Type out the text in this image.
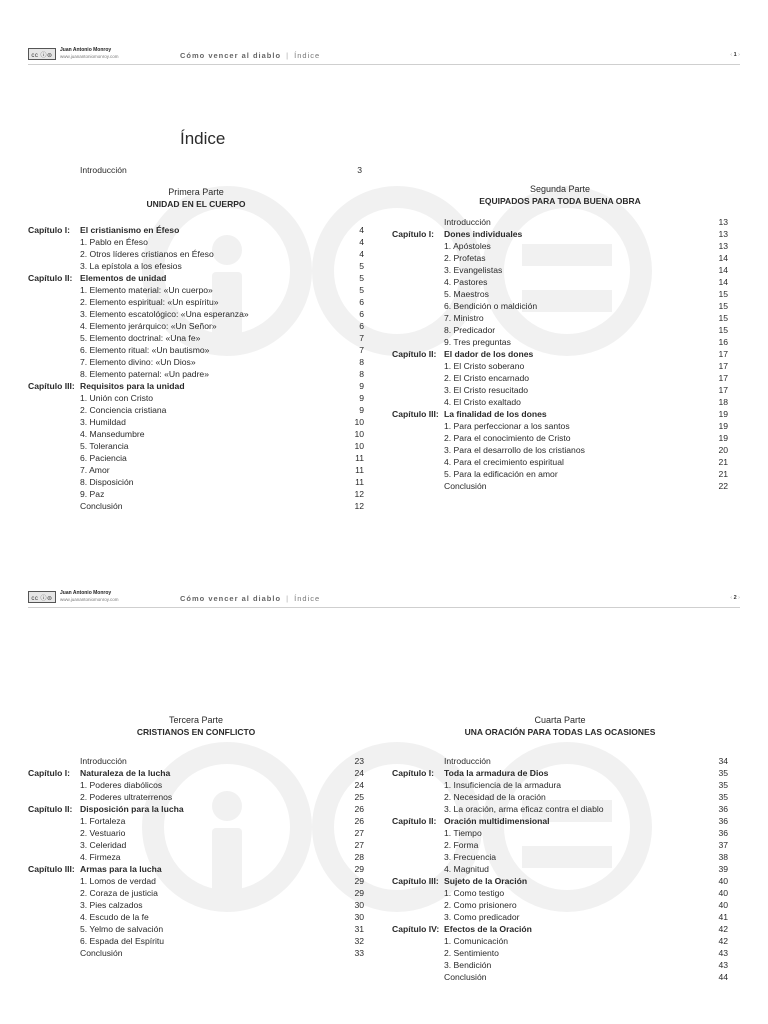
cc ⓘ⊜
Juan Antonio Monroy
www.juanantoniomonroy.com	Cómo vencer al diablo | Índice	‹ 1 ›
Índice
Introducción	3
Primera Parte
UNIDAD EN EL CUERPO
Capítulo I: El cristianismo en Éfeso	4
1. Pablo en Éfeso	4
2. Otros líderes cristianos en Éfeso	4
3. La epístola a los efesios	5
Capítulo II: Elementos de unidad	5
1. Elemento material: «Un cuerpo»	5
2. Elemento espiritual: «Un espíritu»	6
3. Elemento escatológico: «Una esperanza»	6
4. Elemento jerárquico: «Un Señor»	6
5. Elemento doctrinal: «Una fe»	7
6. Elemento ritual: «Un bautismo»	7
7. Elemento divino: «Un Dios»	8
8. Elemento paternal: «Un padre»	8
Capítulo III: Requisitos para la unidad	9
1. Unión con Cristo	9
2. Conciencia cristiana	9
3. Humildad	10
4. Mansedumbre	10
5. Tolerancia	10
6. Paciencia	11
7. Amor	11
8. Disposición	11
9. Paz	12
Conclusión	12
Segunda Parte
EQUIPADOS PARA TODA BUENA OBRA
Introducción	13
Capítulo I: Dones individuales	13
1. Apóstoles	13
2. Profetas	14
3. Evangelistas	14
4. Pastores	14
5. Maestros	15
6. Bendición o maldición	15
7. Ministro	15
8. Predicador	15
9. Tres preguntas	16
Capítulo II: El dador de los dones	17
1. El Cristo soberano	17
2. El Cristo encarnado	17
3. El Cristo resucitado	17
4. El Cristo exaltado	18
Capítulo III: La finalidad de los dones	19
1. Para perfeccionar a los santos	19
2. Para el conocimiento de Cristo	19
3. Para el desarrollo de los cristianos	20
4. Para el crecimiento espiritual	21
5. Para la edificación en amor	21
Conclusión	22
cc ⓘ⊜
Juan Antonio Monroy
www.juanantoniomonroy.com	Cómo vencer al diablo | Índice	‹ 2 ›
Tercera Parte
CRISTIANOS EN CONFLICTO
Introducción	23
Capítulo I: Naturaleza de la lucha	24
1. Poderes diabólicos	24
2. Poderes ultraterrenos	25
Capítulo II: Disposición para la lucha	26
1. Fortaleza	26
2. Vestuario	27
3. Celeridad	27
4. Firmeza	28
Capítulo III: Armas para la lucha	29
1. Lomos de verdad	29
2. Coraza de justicia	29
3. Pies calzados	30
4. Escudo de la fe	30
5. Yelmo de salvación	31
6. Espada del Espíritu	32
Conclusión	33
Cuarta Parte
UNA ORACIÓN PARA TODAS LAS OCASIONES
Introducción	34
Capítulo I: Toda la armadura de Dios	35
1. Insuficiencia de la armadura	35
2. Necesidad de la oración	35
3. La oración, arma eficaz contra el diablo	36
Capítulo II: Oración multidimensional	36
1. Tiempo	36
2. Forma	37
3. Frecuencia	38
4. Magnitud	39
Capítulo III: Sujeto de la Oración	40
1. Como testigo	40
2. Como prisionero	40
3. Como predicador	41
Capítulo IV: Efectos de la Oración	42
1. Comunicación	42
2. Sentimiento	43
3. Bendición	43
Conclusión	44
